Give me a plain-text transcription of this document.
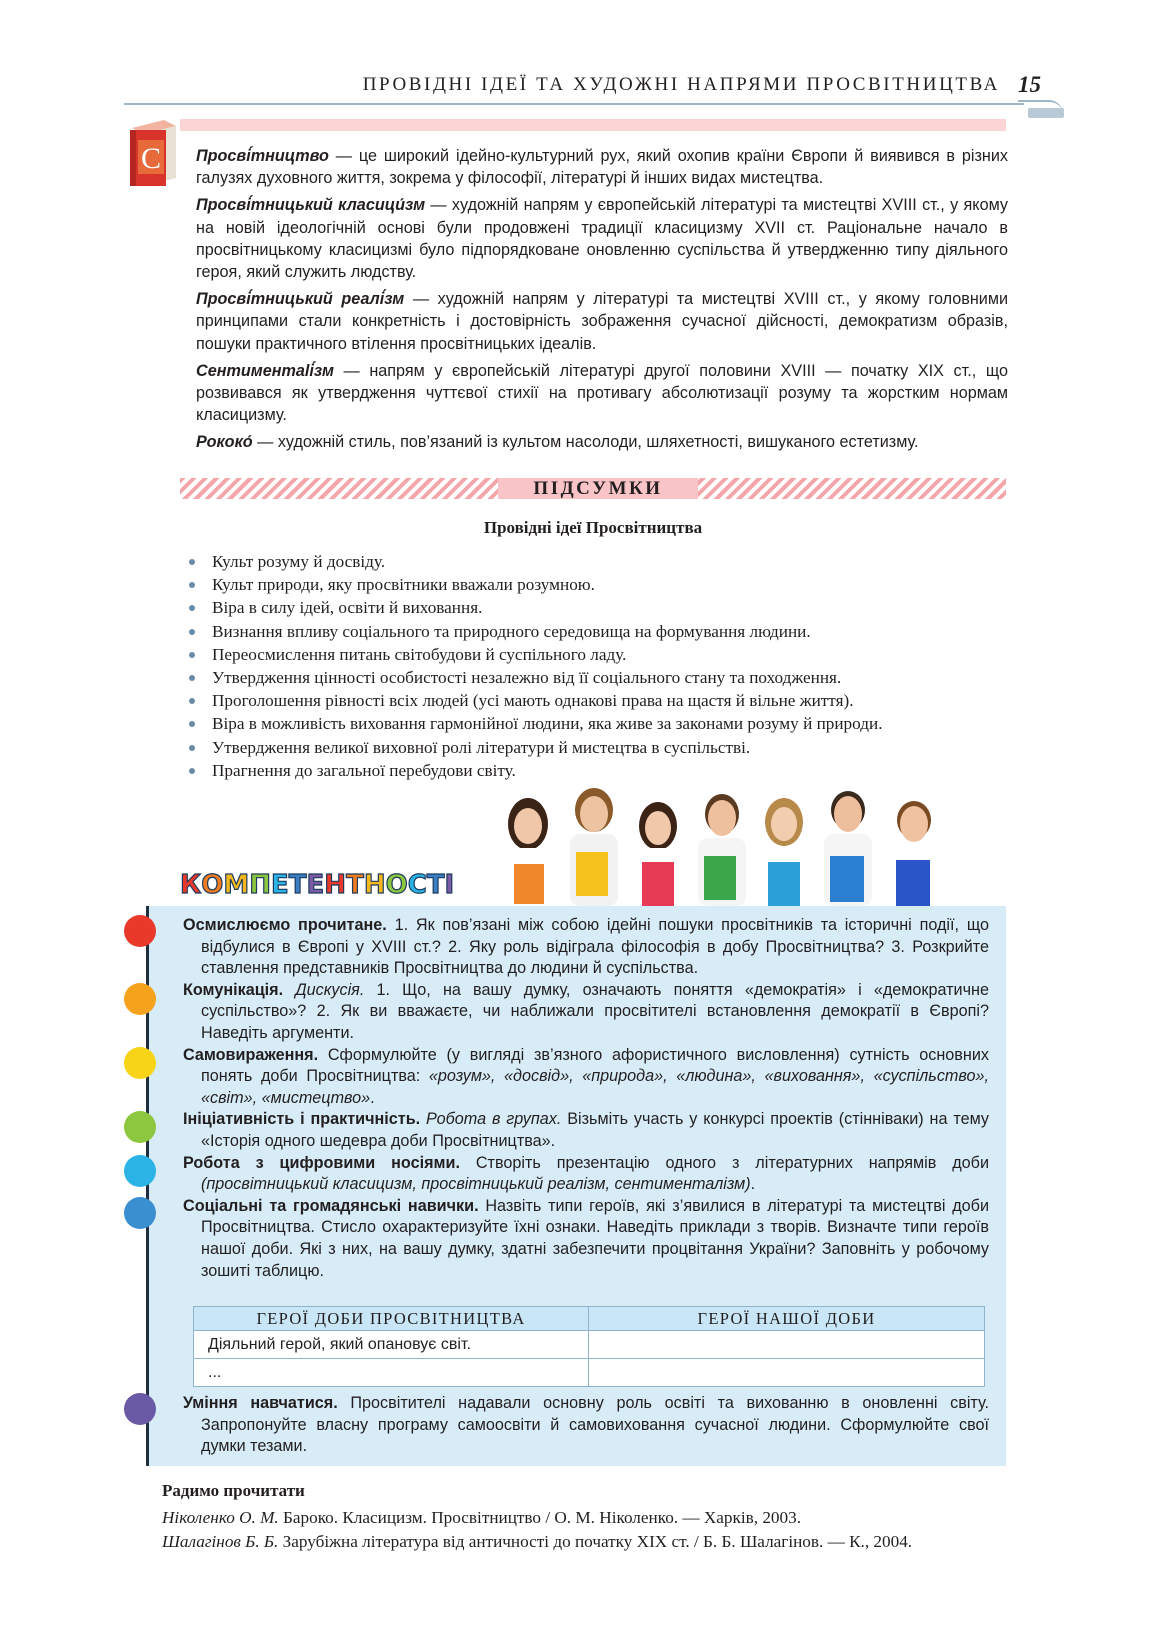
ПРОВІДНІ ІДЕЇ ТА ХУДОЖНІ НАПРЯМИ ПРОСВІТНИЦТВА 15
С Просві́тництво — це широкий ідейно-культурний рух, який охопив країни Європи й виявився в різних галузях духовного життя, зокрема у філософії, літературі й інших видах мистецтва.

Просві́тницький класици́зм — художній напрям у європейській літературі та мистецтві XVIII ст., у якому на новій ідеологічній основі були продовжені традиції класицизму XVII ст. Раціональне начало в просвітницькому класицизмі було підпорядковане оновленню суспільства й утвердженню типу діяльного героя, який служить людству.

Просві́тницький реалі́зм — художній напрям у літературі та мистецтві XVIII ст., у якому головними принципами стали конкретність і достовірність зображення сучасної дійсності, демократизм образів, пошуки практичного втілення просвітницьких ідеалів.

Сентиментalі́зм — напрям у європейській літературі другої половини XVIII — початку XIX ст., що розвивався як утвердження чуттєвої стихії на противагу абсолютизації розуму та жорстким нормам класицизму.

Рококо́ — художній стиль, пов’язаний із культом насолоди, шляхетності, вишуканого естетизму.

ПІДСУМКИ
Провідні ідеї Просвітництва
Культ розуму й досвіду.
Культ природи, яку просвітники вважали розумною.
Віра в силу ідей, освіти й виховання.
Визнання впливу соціального та природного середовища на формування людини.
Переосмислення питань світобудови й суспільного ладу.
Утвердження цінності особистості незалежно від її соціального стану та походження.
Проголошення рівності всіх людей (усі мають однакові права на щастя й вільне життя).
Віра в можливість виховання гармонійної людини, яка живе за законами розуму й природи.
Утвердження великої виховної ролі літератури й мистецтва в суспільстві.
Прагнення до загальної перебудови світу.
КОМПЕТЕНТНОСТІ

Осмислюємо прочитане. 1. Як пов’язані між собою ідейні пошуки просвітників та історичні події, що відбулися в Європі у XVIII ст.? 2. Яку роль відіграла філософія в добу Просвітництва? 3. Розкрийте ставлення представників Просвітництва до людини й суспільства.

Комунікація. Дискусія. 1. Що, на вашу думку, означають поняття «демократія» і «демократичне суспільство»? 2. Як ви вважаєте, чи наближали просвітителі встановлення демократії в Європі? Наведіть аргументи.

Самовираження. Сформулюйте (у вигляді зв’язного афористичного висловлення) сутність основних понять доби Просвітництва: «розум», «досвід», «природа», «людина», «виховання», «суспільство», «світ», «мистецтво».

Ініціативність і практичність. Робота в групах. Візьміть участь у конкурсі проектів (стінніваки) на тему «Історія одного шедевра доби Просвітництва».

Робота з цифровими носіями. Створіть презентацію одного з літературних напрямів доби (просвітницький класицизм, просвітницький реалізм, сентименталізм).

Соціальні та громадянські навички. Назвіть типи героїв, які з’явилися в літературі та мистецтві доби Просвітництва. Стисло охарактеризуйте їхні ознаки. Наведіть приклади з творів. Визначте типи героїв нашої доби. Які з них, на вашу думку, здатні забезпечити процвітання України? Заповніть у робочому зошиті таблицю.

ГЕРОЇ ДОБИ ПРОСВІТНИЦТВА	ГЕРОЇ НАШОЇ ДОБИ
Діяльний герой, який опановує світ.	
...	
Уміння навчатися. Просвітителі надавали основну роль освіті та вихованню в оновленні світу. Запропонуйте власну програму самоосвіти й самовиховання сучасної людини. Сформулюйте свої думки тезами.
Радимо прочитати

Ніколенко О. М. Бароко. Класицизм. Просвітництво / О. М. Ніколенко. — Харків, 2003.

Шалагінов Б. Б. Зарубіжна література від античності до початку XIX ст. / Б. Б. Шалагінов. — К., 2004.
